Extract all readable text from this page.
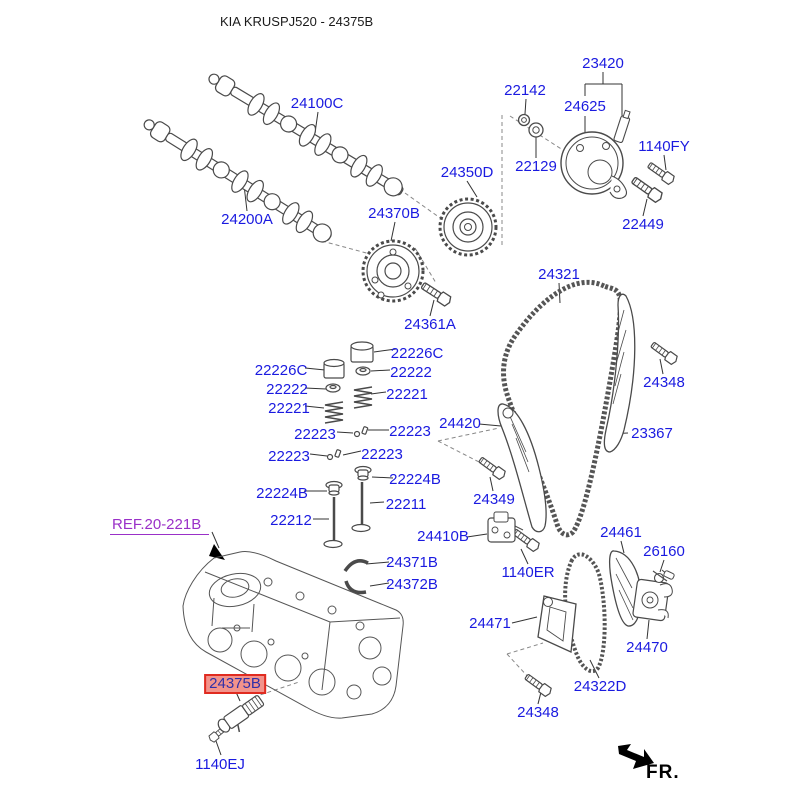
KIA KRUSPJ520 - 24375B
24100C
24200A	24370B
24361A
24350D
22142
23420
24625
22129
1140FY
22449
24321
24348
23367
24420
24349
24410B
1140ER
24471
24461
26160
24470
24322D
24348
22226C
22226C	22222
22222	22221
22221
22223
22223
22223
22223
22224B
22224B
22211
22212
24371B
24372B
1140EJ
REF.20-221B
24375B
FR.
